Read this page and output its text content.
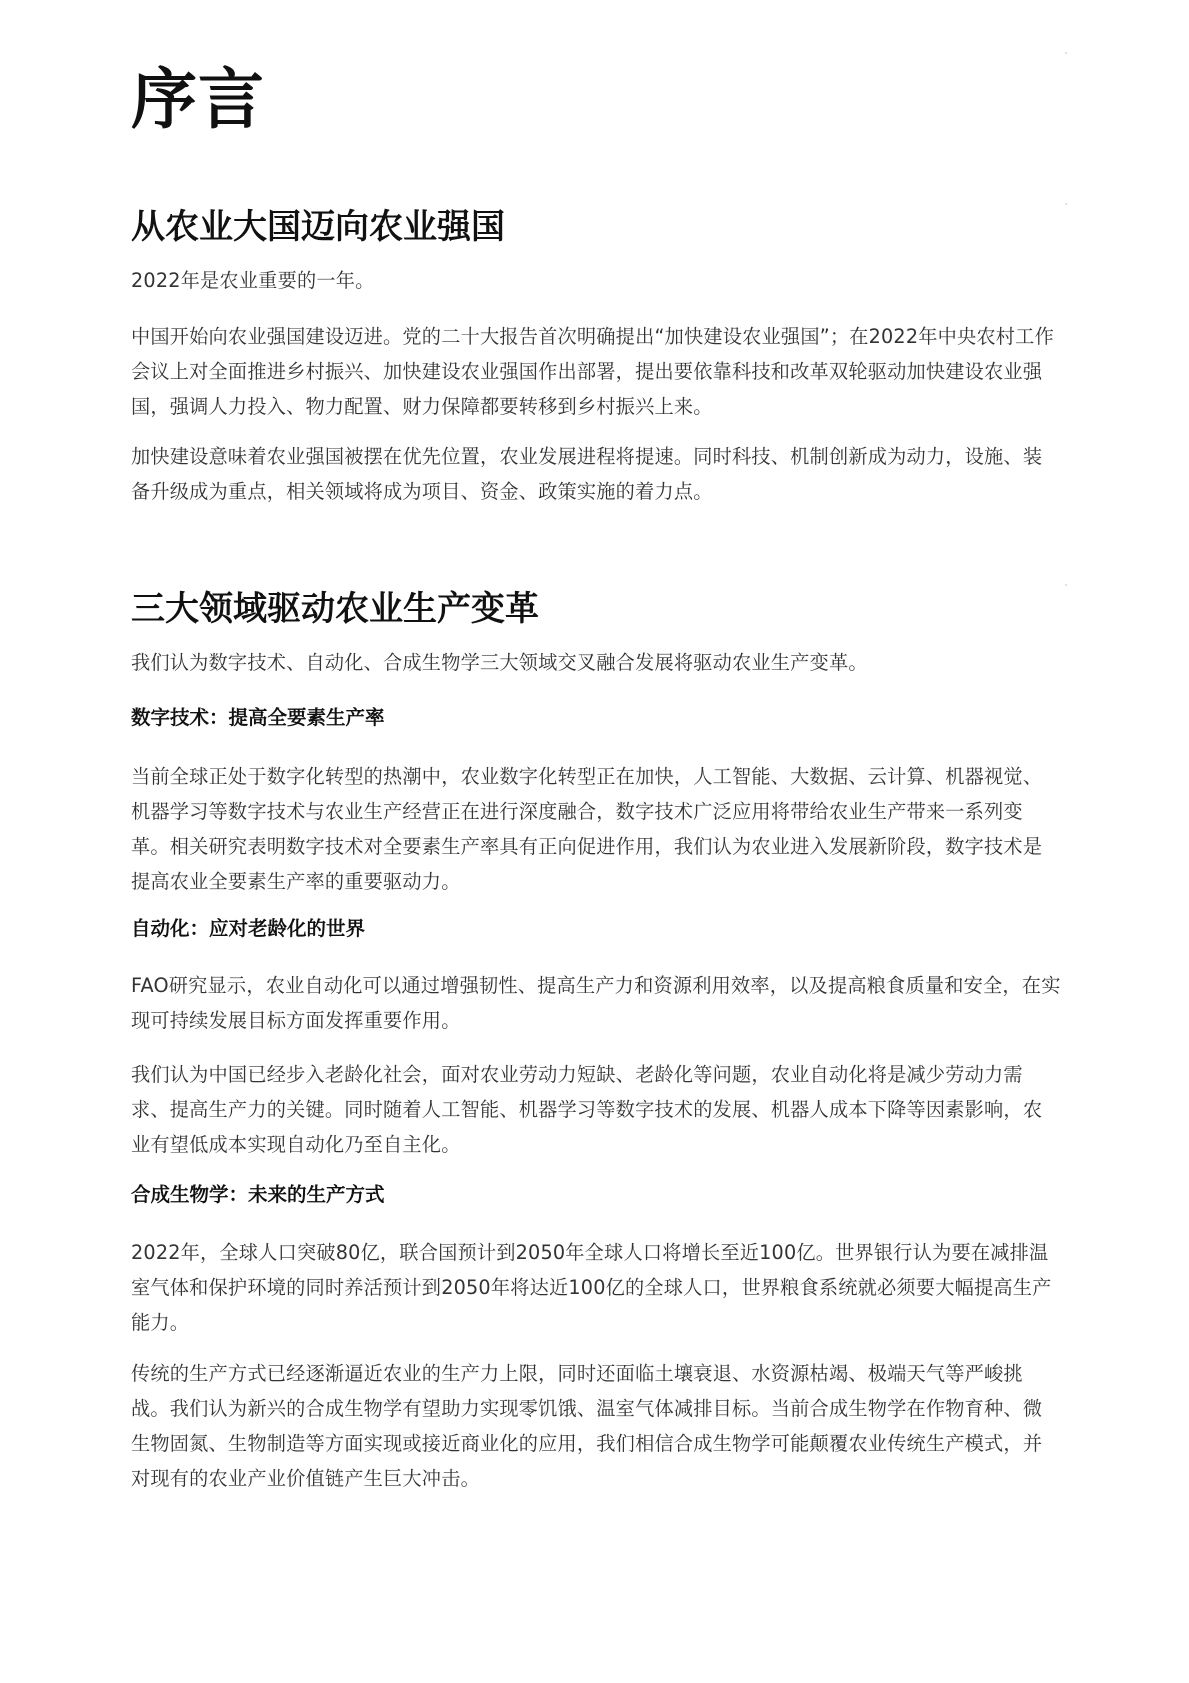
序言
从农业大国迈向农业强国

2022年是农业重要的一年。

中国开始向农业强国建设迈进。党的二十大报告首次明确提出“加快建设农业强国”；在2022年中央农村工作会议上对全面推进乡村振兴、加快建设农业强国作出部署，提出要依靠科技和改革双轮驱动加快建设农业强国，强调人力投入、物力配置、财力保障都要转移到乡村振兴上来。

加快建设意味着农业强国被摆在优先位置，农业发展进程将提速。同时科技、机制创新成为动力，设施、装备升级成为重点，相关领域将成为项目、资金、政策实施的着力点。

三大领域驱动农业生产变革

我们认为数字技术、自动化、合成生物学三大领域交叉融合发展将驱动农业生产变革。

数字技术：提高全要素生产率

当前全球正处于数字化转型的热潮中，农业数字化转型正在加快，人工智能、大数据、云计算、机器视觉、机器学习等数字技术与农业生产经营正在进行深度融合，数字技术广泛应用将带给农业生产带来一系列变革。相关研究表明数字技术对全要素生产率具有正向促进作用，我们认为农业进入发展新阶段，数字技术是提高农业全要素生产率的重要驱动力。

自动化：应对老龄化的世界

FAO研究显示，农业自动化可以通过增强韧性、提高生产力和资源利用效率，以及提高粮食质量和安全，在实现可持续发展目标方面发挥重要作用。

我们认为中国已经步入老龄化社会，面对农业劳动力短缺、老龄化等问题，农业自动化将是减少劳动力需求、提高生产力的关键。同时随着人工智能、机器学习等数字技术的发展、机器人成本下降等因素影响，农业有望低成本实现自动化乃至自主化。

合成生物学：未来的生产方式

2022年，全球人口突破80亿，联合国预计到2050年全球人口将增长至近100亿。世界银行认为要在减排温室气体和保护环境的同时养活预计到2050年将达近100亿的全球人口，世界粮食系统就必须要大幅提高生产能力。

传统的生产方式已经逐渐逼近农业的生产力上限，同时还面临土壤衰退、水资源枯竭、极端天气等严峻挑战。我们认为新兴的合成生物学有望助力实现零饥饿、温室气体减排目标。当前合成生物学在作物育种、微生物固氮、生物制造等方面实现或接近商业化的应用，我们相信合成生物学可能颠覆农业传统生产模式，并对现有的农业产业价值链产生巨大冲击。
